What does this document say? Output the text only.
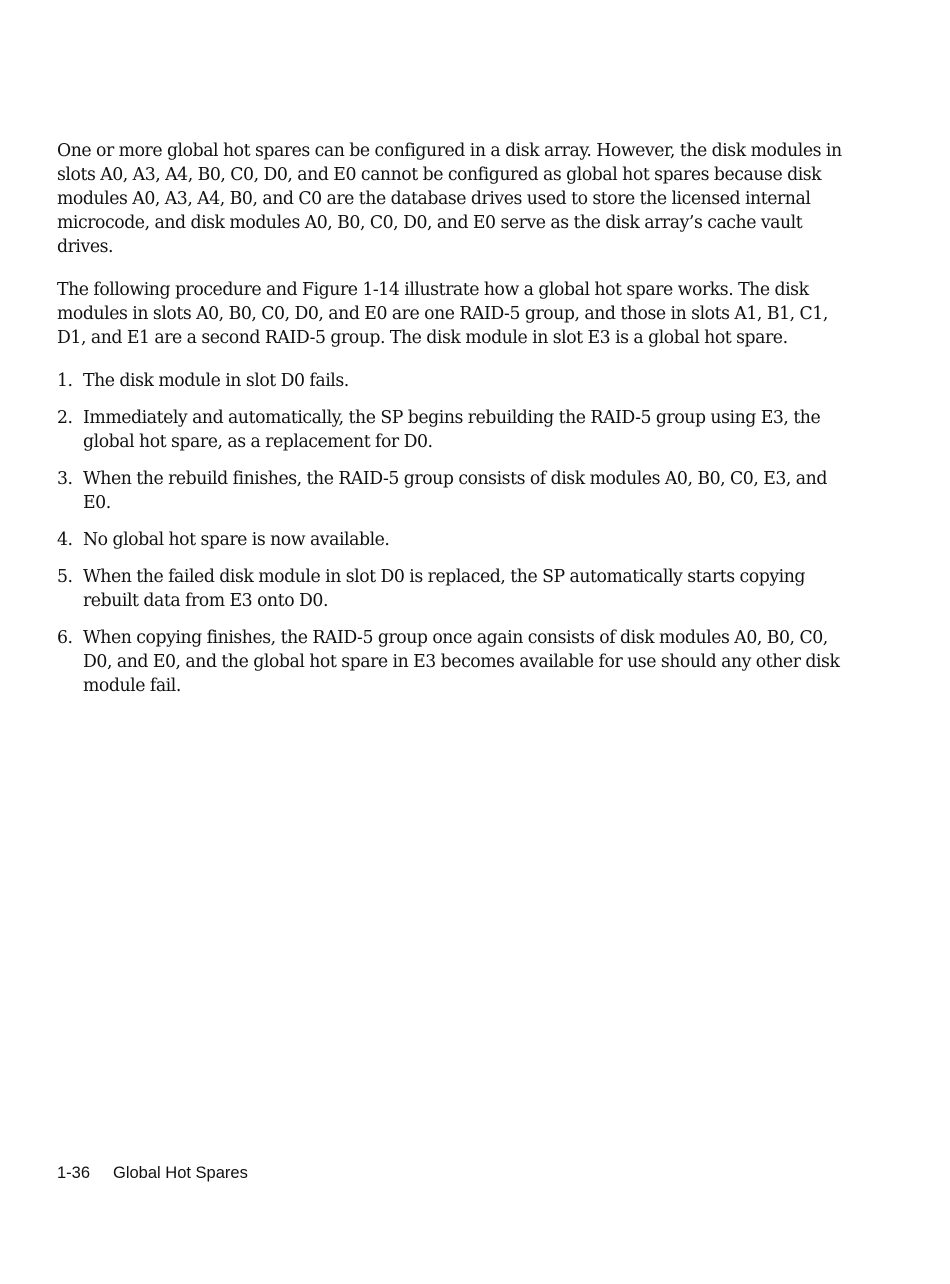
One or more global hot spares can be configured in a disk array. However, the disk modules in slots A0, A3, A4, B0, C0, D0, and E0 cannot be configured as global hot spares because disk modules A0, A3, A4, B0, and C0 are the database drives used to store the licensed internal microcode, and disk modules A0, B0, C0, D0, and E0 serve as the disk array’s cache vault drives.

The following procedure and Figure 1-14 illustrate how a global hot spare works. The disk modules in slots A0, B0, C0, D0, and E0 are one RAID-5 group, and those in slots A1, B1, C1, D1, and E1 are a second RAID-5 group. The disk module in slot E3 is a global hot spare.

1. The disk module in slot D0 fails.
2. Immediately and automatically, the SP begins rebuilding the RAID-5 group using E3, the global hot spare, as a replacement for D0.
3. When the rebuild finishes, the RAID-5 group consists of disk modules A0, B0, C0, E3, and E0.
4. No global hot spare is now available.
5. When the failed disk module in slot D0 is replaced, the SP automatically starts copying rebuilt data from E3 onto D0.
6. When copying finishes, the RAID-5 group once again consists of disk modules A0, B0, C0, D0, and E0, and the global hot spare in E3 becomes available for use should any other disk module fail.
1-36	Global Hot Spares
